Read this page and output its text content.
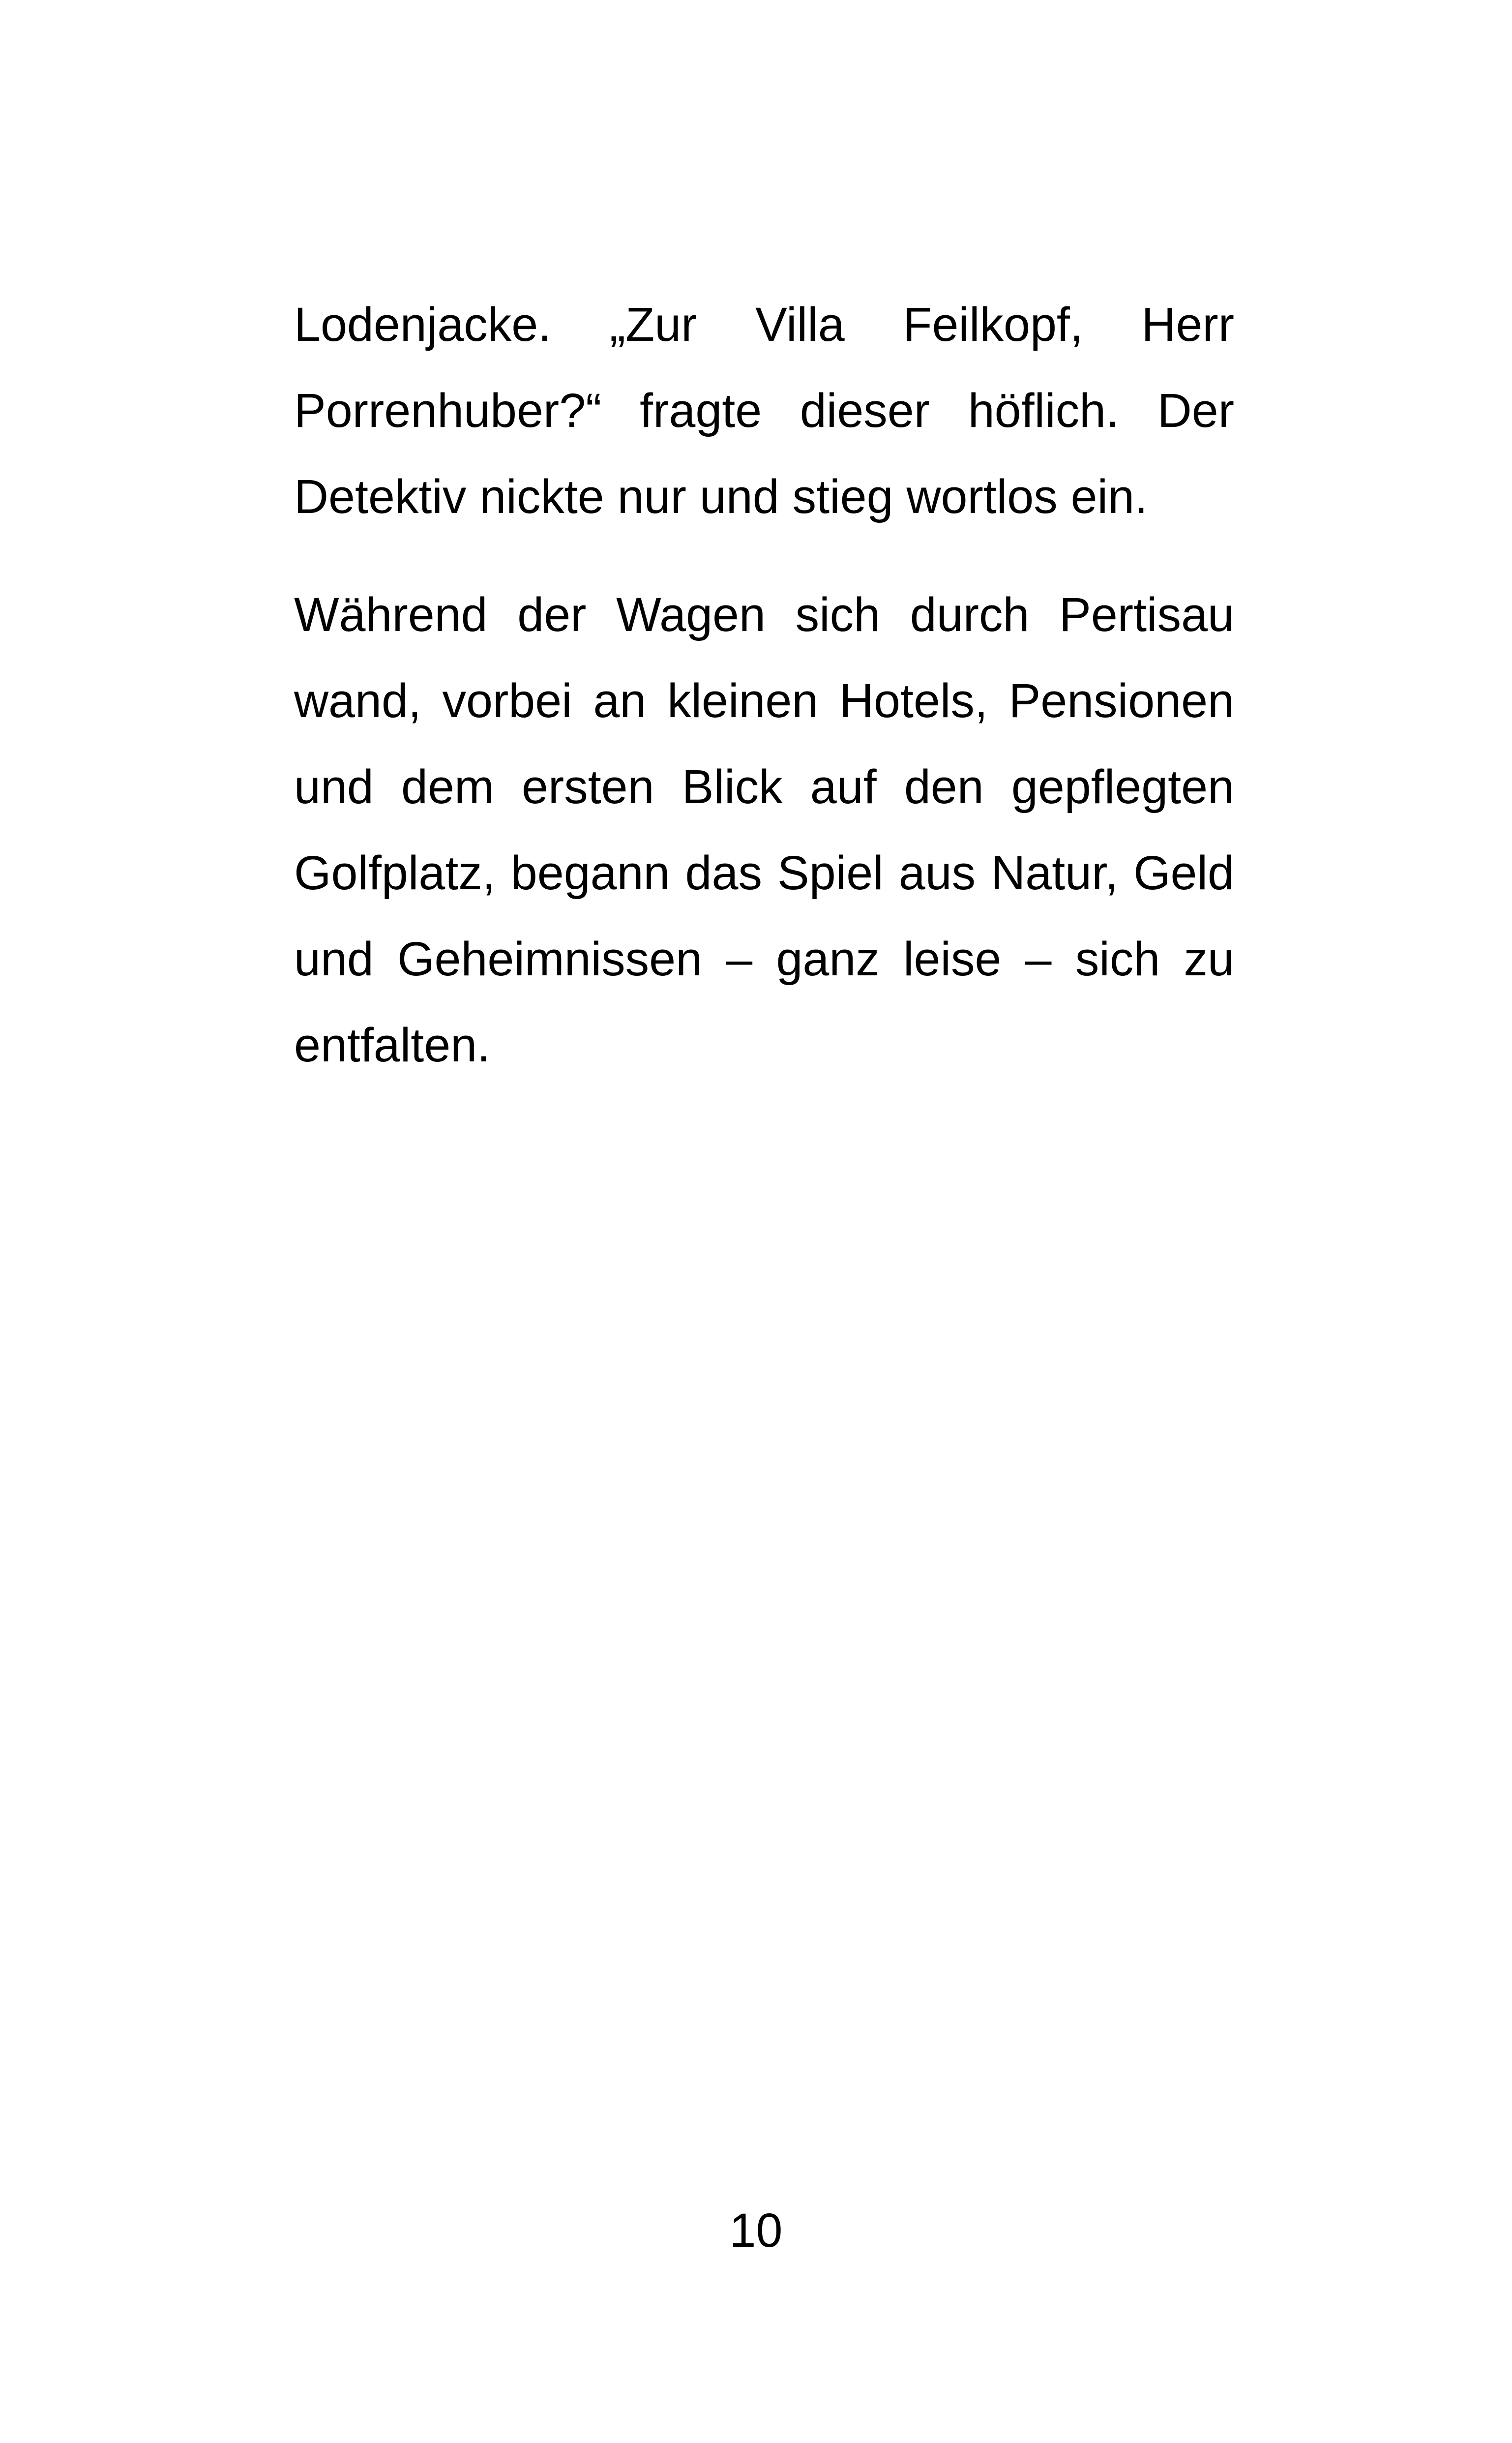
Lodenjacke. „Zur Villa Feilkopf, Herr Porrenhuber?“ fragte dieser höflich. Der Detektiv nickte nur und stieg wortlos ein.

Während der Wagen sich durch Pertisau wand, vorbei an kleinen Hotels, Pensionen und dem ersten Blick auf den gepflegten Golfplatz, begann das Spiel aus Natur, Geld und Geheimnissen – ganz leise – sich zu entfalten.

10
